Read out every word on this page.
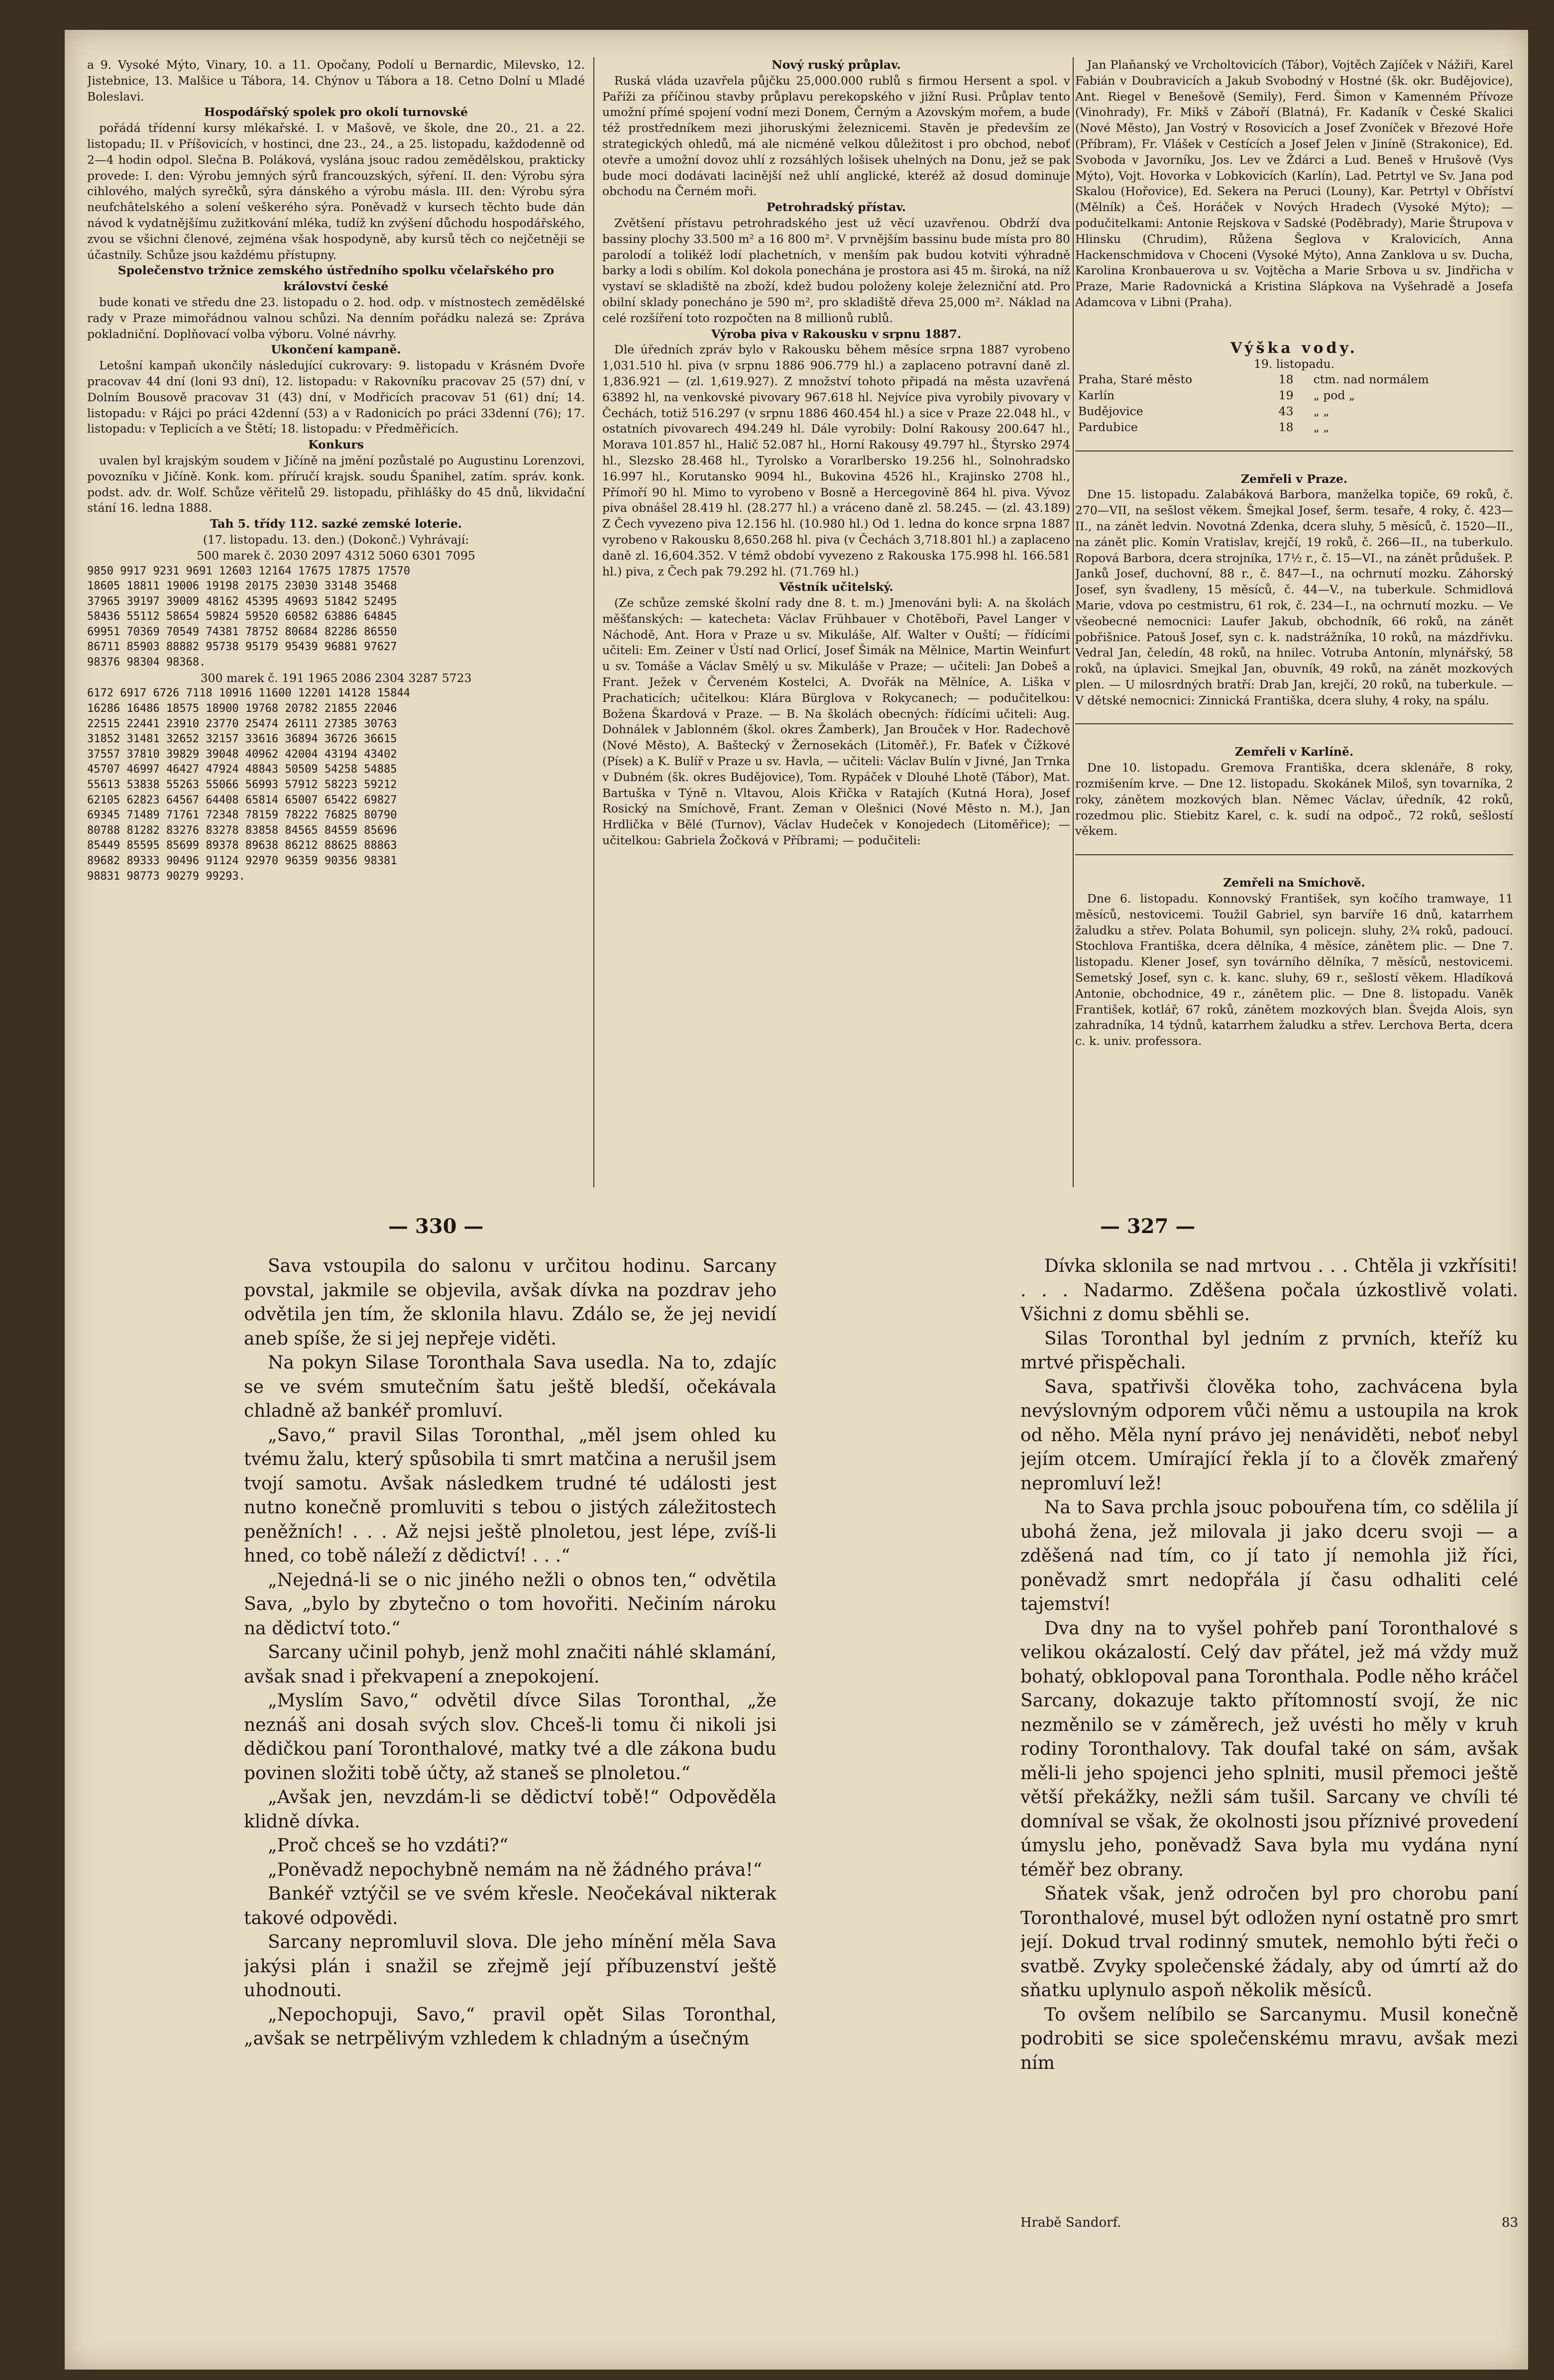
a 9. Vysoké Mýto, Vinary, 10. a 11. Opočany, Podolí u Bernardic, Milevsko, 12. Jistebnice, 13. Malšice u Tábora, 14. Chýnov u Tábora a 18. Cetno Dolní u Mladé Boleslavi.

Hospodářský spolek pro okolí turnovské

pořádá třídenní kursy mlékařské. I. v Mašově, ve škole, dne 20., 21. a 22. listopadu; II. v Příšovicích, v hostinci, dne 23., 24., a 25. listopadu, každodenně od 2—4 hodin odpol. Slečna B. Poláková, vyslána jsouc radou zemědělskou, prakticky provede: I. den: Výrobu jemných sýrů francouzských, sýření. II. den: Výrobu sýra cihlového, malých syrečků, sýra dánského a výrobu másla. III. den: Výrobu sýra neufchâtelského a solení veškerého sýra. Poněvadž v kursech těchto bude dán návod k vydatnějšímu zužitkování mléka, tudíž kn zvýšení důchodu hospodářského, zvou se všichni členové, zejména však hospodyně, aby kursů těch co nejčetněji se účastnily. Schůze jsou každému přístupny.

Společenstvo tržnice zemského ústředního spolku včelařského pro království české

bude konati ve středu dne 23. listopadu o 2. hod. odp. v místnostech zemědělské rady v Praze mimořádnou valnou schůzi. Na denním pořádku nalezá se: Zpráva pokladniční. Doplňovací volba výboru. Volné návrhy.

Ukončení kampaně.

Letošní kampaň ukončily následující cukrovary: 9. listopadu v Krásném Dvoře pracovav 44 dní (loni 93 dní), 12. listopadu: v Rakovníku pracovav 25 (57) dní, v Dolním Bousově pracovav 31 (43) dní, v Modřicích pracovav 51 (61) dní; 14. listopadu: v Rájci po práci 42denní (53) a v Radonicích po práci 33denní (76); 17. listopadu: v Teplicích a ve Štětí; 18. listopadu: v Předměřicích.

Konkurs

uvalen byl krajským soudem v Jičíně na jmění pozůstalé po Augustinu Lorenzovi, povozníku v Jičíně. Konk. kom. příručí krajsk. soudu Španihel, zatím. správ. konk. podst. adv. dr. Wolf. Schůze věřitelů 29. listopadu, přihlášky do 45 dnů, likvidační stání 16. ledna 1888.

Tah 5. třídy 112. sazké zemské loterie.

(17. listopadu. 13. den.) (Dokonč.) Vyhrávají:

500 marek č. 2030 2097 4312 5060 6301 7095

9850 9917 9231 9691 12603 12164 17675 17875 17570
18605 18811 19006 19198 20175 23030 33148 35468
37965 39197 39009 48162 45395 49693 51842 52495
58436 55112 58654 59824 59520 60582 63886 64845
69951 70369 70549 74381 78752 80684 82286 86550
86711 85903 88882 95738 95179 95439 96881 97627
98376 98304 98368.

300 marek č. 191 1965 2086 2304 3287 5723

6172 6917 6726 7118 10916 11600 12201 14128 15844
16286 16486 18575 18900 19768 20782 21855 22046
22515 22441 23910 23770 25474 26111 27385 30763
31852 31481 32652 32157 33616 36894 36726 36615
37557 37810 39829 39048 40962 42004 43194 43402
45707 46997 46427 47924 48843 50509 54258 54885
55613 53838 55263 55066 56993 57912 58223 59212
62105 62823 64567 64408 65814 65007 65422 69827
69345 71489 71761 72348 78159 78222 76825 80790
80788 81282 83276 83278 83858 84565 84559 85696
85449 85595 85699 89378 89638 86212 88625 88863
89682 89333 90496 91124 92970 96359 90356 98381
98831 98773 90279 99293.

Nový ruský průplav.

Ruská vláda uzavřela půjčku 25,000.000 rublů s firmou Hersent a spol. v Paříži za příčinou stavby průplavu perekopského v jižní Rusi. Průplav tento umožní přímé spojení vodní mezi Donem, Černým a Azovským mořem, a bude též prostředníkem mezi jihoruskými železnicemi. Stavěn je především ze strategických ohledů, má ale nicméně velkou důležitost i pro obchod, neboť otevře a umožní dovoz uhlí z rozsáhlých lošisek uhelných na Donu, jež se pak bude moci dodávati lacinější než uhlí anglické, kteréž až dosud dominuje obchodu na Černém moři.

Petrohradský přístav.

Zvětšení přístavu petrohradského jest už věcí uzavřenou. Obdrží dva bassiny plochy 33.500 m² a 16 800 m². V prvnějším bassinu bude místa pro 80 parolodí a tolikéž lodí plachetních, v menším pak budou kotviti výhradně barky a lodi s obilím. Kol dokola ponechána je prostora asi 45 m. široká, na níž vystaví se skladiště na zboží, kdež budou položeny koleje železniční atd. Pro obilní sklady ponecháno je 590 m², pro skladiště dřeva 25,000 m². Náklad na celé rozšíření toto rozpočten na 8 millionů rublů.

Výroba piva v Rakousku v srpnu 1887.

Dle úředních zpráv bylo v Rakousku během měsíce srpna 1887 vyrobeno 1,031.510 hl. piva (v srpnu 1886 906.779 hl.) a zaplaceno potravní daně zl. 1,836.921 — (zl. 1,619.927). Z množství tohoto připadá na města uzavřená 63892 hl, na venkovské pivovary 967.618 hl. Nejvíce piva vyrobily pivovary v Čechách, totiž 516.297 (v srpnu 1886 460.454 hl.) a sice v Praze 22.048 hl., v ostatních pivovarech 494.249 hl. Dále vyrobily: Dolní Rakousy 200.647 hl., Morava 101.857 hl., Halič 52.087 hl., Horní Rakousy 49.797 hl., Štyrsko 2974 hl., Slezsko 28.468 hl., Tyrolsko a Vorarlbersko 19.256 hl., Solnohradsko 16.997 hl., Korutansko 9094 hl., Bukovina 4526 hl., Krajinsko 2708 hl., Přímoří 90 hl. Mimo to vyrobeno v Bosně a Hercegovině 864 hl. piva. Vývoz piva obnášel 28.419 hl. (28.277 hl.) a vráceno daně zl. 58.245. — (zl. 43.189) Z Čech vyvezeno piva 12.156 hl. (10.980 hl.) Od 1. ledna do konce srpna 1887 vyrobeno v Rakousku 8,650.268 hl. piva (v Čechách 3,718.801 hl.) a zaplaceno daně zl. 16,604.352. V témž období vyvezeno z Rakouska 175.998 hl. 166.581 hl.) piva, z Čech pak 79.292 hl. (71.769 hl.)

Věstník učitelský.

(Ze schůze zemské školní rady dne 8. t. m.) Jmenováni byli: A. na školách měšťanských: — katecheta: Václav Frühbauer v Chotěboři, Pavel Langer v Náchodě, Ant. Hora v Praze u sv. Mikuláše, Alf. Walter v Ouští; — řídícími učiteli: Em. Zeiner v Ústí nad Orlicí, Josef Šimák na Mělnice, Martin Weinfurt u sv. Tomáše a Václav Smělý u sv. Mikuláše v Praze; — učiteli: Jan Dobeš a Frant. Ježek v Červeném Kostelci, A. Dvořák na Mělníce, A. Liška v Prachaticích; učitelkou: Klára Bürglova v Rokycanech; — podučitelkou: Božena Škardová v Praze. — B. Na školách obecných: řídícími učiteli: Aug. Dohnálek v Jablonném (škol. okres Žamberk), Jan Brouček v Hor. Radechově (Nové Město), A. Baštecký v Žernosekách (Litoměř.), Fr. Baťek v Čížkové (Písek) a K. Bulíř v Praze u sv. Havla, — učiteli: Václav Bulín v Jivné, Jan Trnka v Dubném (šk. okres Budějovice), Tom. Rypáček v Dlouhé Lhotě (Tábor), Mat. Bartuška v Týně n. Vltavou, Alois Křička v Ratajích (Kutná Hora), Josef Rosický na Smíchově, Frant. Zeman v Olešnici (Nové Město n. M.), Jan Hrdlička v Bělé (Turnov), Václav Hudeček v Konojedech (Litoměřice); — učitelkou: Gabriela Žočková v Příbrami; — podučiteli:

Jan Plaňanský ve Vrcholtovicích (Tábor), Vojtěch Zajíček v Nážiři, Karel Fabián v Doubravicích a Jakub Svobodný v Hostné (šk. okr. Budějovice), Ant. Riegel v Benešově (Semily), Ferd. Šimon v Kamenném Přívoze (Vinohrady), Fr. Mikš v Záboří (Blatná), Fr. Kadaník v České Skalici (Nové Město), Jan Vostrý v Rosovicích a Josef Zvoníček v Březové Hoře (Příbram), Fr. Vlášek v Cestících a Josef Jelen v Jiníně (Strakonice), Ed. Svoboda v Javorníku, Jos. Lev ve Ždárci a Lud. Beneš v Hrušově (Vys Mýto), Vojt. Hovorka v Lobkovicích (Karlín), Lad. Petrtyl ve Sv. Jana pod Skalou (Hořovice), Ed. Sekera na Peruci (Louny), Kar. Petrtyl v Obříství (Mělník) a Češ. Horáček v Nových Hradech (Vysoké Mýto); — podučitelkami: Antonie Rejskova v Sadské (Poděbrady), Marie Štrupova v Hlinsku (Chrudim), Růžena Šeglova v Kralovicích, Anna Hackenschmidova v Choceni (Vysoké Mýto), Anna Zanklova u sv. Ducha, Karolina Kronbauerova u sv. Vojtěcha a Marie Srbova u sv. Jindřicha v Praze, Marie Radovnická a Kristina Slápkova na Vyšehradě a Josefa Adamcova v Libni (Praha).

Výška vody.

19. listopadu.

Praha, Staré město	18	ctm. nad normálem
Karlín	19	„ pod „
Budějovice	43	„ „
Pardubice	18	„ „

Zemřeli v Praze.

Dne 15. listopadu. Zalabáková Barbora, manželka topiče, 69 roků, č. 270—VII, na sešlost věkem. Šmejkal Josef, šerm. tesaře, 4 roky, č. 423—II., na zánět ledvin. Novotná Zdenka, dcera sluhy, 5 měsíců, č. 1520—II., na zánět plic. Komín Vratislav, krejčí, 19 roků, č. 266—II., na tuberkulo. Ropová Barbora, dcera strojníka, 17½ r., č. 15—VI., na zánět průdušek. P. Janků Josef, duchovní, 88 r., č. 847—I., na ochrnutí mozku. Záhorský Josef, syn švadleny, 15 měsíců, č. 44—V., na tuberkule. Schmidlová Marie, vdova po cestmistru, 61 rok, č. 234—I., na ochrnutí mozku. — Ve všeobecné nemocnici: Laufer Jakub, obchodník, 66 roků, na zánět pobřišnice. Patouš Josef, syn c. k. nadstrážníka, 10 roků, na mázdřivku. Vedral Jan, čeledín, 48 roků, na hnilec. Votruba Antonín, mlynářský, 58 roků, na úplavici. Smejkal Jan, obuvník, 49 roků, na zánět mozkových plen. — U milosrdných bratří: Drab Jan, krejčí, 20 roků, na tuberkule. — V dětské nemocnici: Zinnická Františka, dcera sluhy, 4 roky, na spálu.

Zemřeli v Karlíně.

Dne 10. listopadu. Gremova Františka, dcera sklenáře, 8 roky, rozmišením krve. — Dne 12. listopadu. Skokánek Miloš, syn tovarníka, 2 roky, zánětem mozkových blan. Němec Václav, úředník, 42 roků, rozedmou plic. Stiebitz Karel, c. k. sudí na odpoč., 72 roků, sešlostí věkem.

Zemřeli na Smíchově.

Dne 6. listopadu. Konnovský František, syn kočího tramwaye, 11 měsíců, nestovicemi. Toužil Gabriel, syn barvíře 16 dnů, katarrhem žaludku a střev. Polata Bohumil, syn policejn. sluhy, 2¾ roků, padoucí. Stochlova Františka, dcera dělníka, 4 měsíce, zánětem plic. — Dne 7. listopadu. Klener Josef, syn továrního dělníka, 7 měsíců, nestovicemi. Semetský Josef, syn c. k. kanc. sluhy, 69 r., sešlostí věkem. Hladíková Antonie, obchodnice, 49 r., zánětem plic. — Dne 8. listopadu. Vaněk František, kotlář, 67 roků, zánětem mozkových blan. Švejda Alois, syn zahradníka, 14 týdnů, katarrhem žaludku a střev. Lerchova Berta, dcera c. k. univ. professora.

— 330 —	— 327 —

Sava vstoupila do salonu v určitou hodinu. Sarcany povstal, jakmile se objevila, avšak dívka na pozdrav jeho odvětila jen tím, že sklonila hlavu. Zdálo se, že jej nevidí aneb spíše, že si jej nepřeje viděti.

Na pokyn Silase Toronthala Sava usedla. Na to, zdajíc se ve svém smutečním šatu ještě bledší, očekávala chladně až bankéř promluví.

„Savo,“ pravil Silas Toronthal, „měl jsem ohled ku tvému žalu, který spůsobila ti smrt matčina a nerušil jsem tvojí samotu. Avšak následkem trudné té události jest nutno konečně promluviti s tebou o jistých záležitostech peněžních! . . . Až nejsi ještě plnoletou, jest lépe, zvíš-li hned, co tobě náleží z dědictví! . . .“

„Nejedná-li se o nic jiného nežli o obnos ten,“ odvětila Sava, „bylo by zbytečno o tom hovořiti. Nečiním nároku na dědictví toto.“

Sarcany učinil pohyb, jenž mohl značiti náhlé sklamání, avšak snad i překvapení a znepokojení.

„Myslím Savo,“ odvětil dívce Silas Toronthal, „že neznáš ani dosah svých slov. Chceš-li tomu či nikoli jsi dědičkou paní Toronthalové, matky tvé a dle zákona budu povinen složiti tobě účty, až staneš se plnoletou.“

„Avšak jen, nevzdám-li se dědictví tobě!“ Odpověděla klidně dívka.

„Proč chceš se ho vzdáti?“

„Poněvadž nepochybně nemám na ně žádného práva!“

Bankéř vztýčil se ve svém křesle. Neočekával nikterak takové odpovědi.

Sarcany nepromluvil slova. Dle jeho mínění měla Sava jakýsi plán i snažil se zřejmě její příbuzenství ještě uhodnouti.

„Nepochopuji, Savo,“ pravil opět Silas Toronthal, „avšak se netrpělivým vzhledem k chladným a úsečným

Dívka sklonila se nad mrtvou . . . Chtěla ji vzkřísiti! . . . Nadarmo. Zděšena počala úzkostlivě volati. Všichni z domu sběhli se.

Silas Toronthal byl jedním z prvních, kteříž ku mrtvé přispěchali.

Sava, spatřivši člověka toho, zachvácena byla nevýslovným odporem vůči němu a ustoupila na krok od něho. Měla nyní právo jej nenáviděti, neboť nebyl jejím otcem. Umírající řekla jí to a člověk zmařený nepromluví lež!

Na to Sava prchla jsouc pobouřena tím, co sdělila jí ubohá žena, jež milovala ji jako dceru svoji — a zděšená nad tím, co jí tato jí nemohla již říci, poněvadž smrt nedopřála jí času odhaliti celé tajemství!

Dva dny na to vyšel pohřeb paní Toronthalové s velikou okázalostí. Celý dav přátel, jež má vždy muž bohatý, obklopoval pana Toronthala. Podle něho kráčel Sarcany, dokazuje takto přítomností svojí, že nic nezměnilo se v záměrech, jež uvésti ho měly v kruh rodiny Toronthalovy. Tak doufal také on sám, avšak měli-li jeho spojenci jeho splniti, musil přemoci ještě větší překážky, nežli sám tušil. Sarcany ve chvíli té domníval se však, že okolnosti jsou příznivé provedení úmyslu jeho, poněvadž Sava byla mu vydána nyní téměř bez obrany.

Sňatek však, jenž odročen byl pro chorobu paní Toronthalové, musel být odložen nyní ostatně pro smrt její. Dokud trval rodinný smutek, nemohlo býti řeči o svatbě. Zvyky společenské žádaly, aby od úmrtí až do sňatku uplynulo aspoň několik měsíců.

To ovšem nelíbilo se Sarcanymu. Musil konečně podrobiti se sice společenskému mravu, avšak mezi ním

Hrabě Sandorf.	83
